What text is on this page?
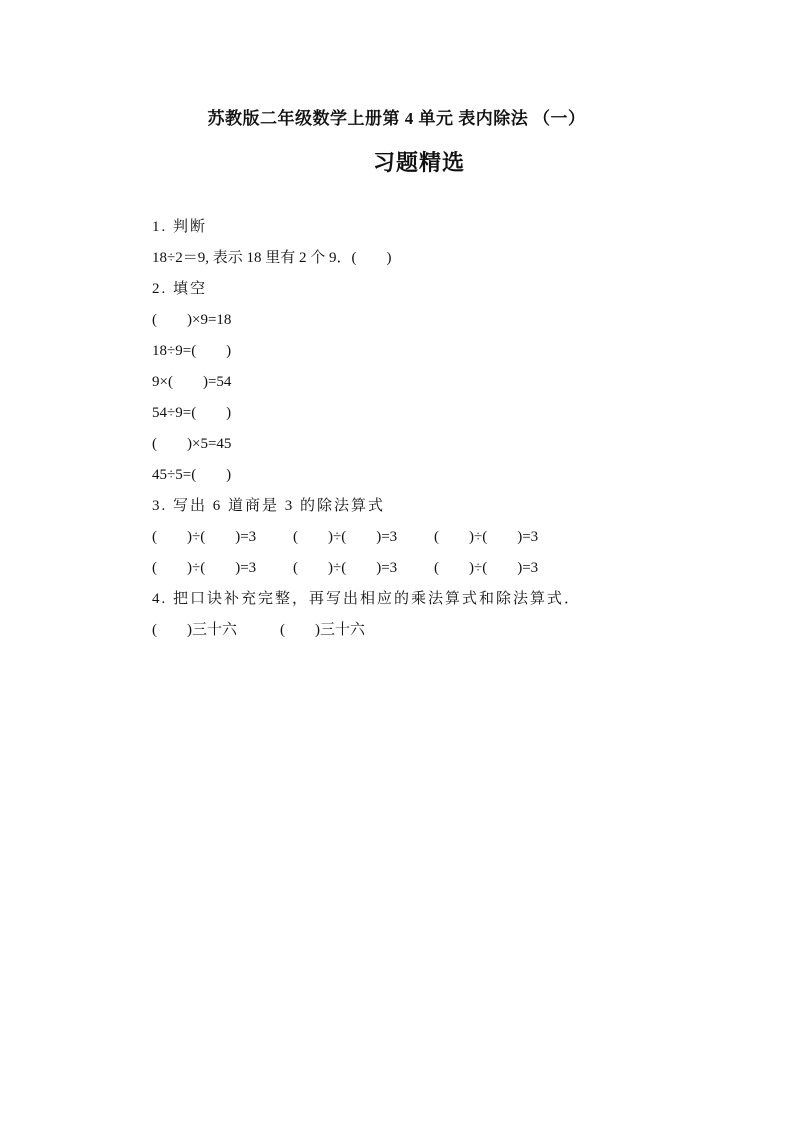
苏教版二年级数学上册第 4 单元 表内除法 （一）
习题精选
1. 判断
18÷2＝9, 表示 18 里有 2 个 9．(　　)
2. 填空
(　　)×9=18
18÷9=(　　)
9×(　　)=54
54÷9=(　　)
(　　)×5=45
45÷5=(　　)
3. 写出 6 道商是 3 的除法算式
(　　)÷(　　)=3 (　　)÷(　　)=3 (　　)÷(　　)=3
(　　)÷(　　)=3 (　　)÷(　　)=3 (　　)÷(　　)=3
4. 把口诀补充完整，再写出相应的乘法算式和除法算式．
(　　)三十六	(　　)三十六
